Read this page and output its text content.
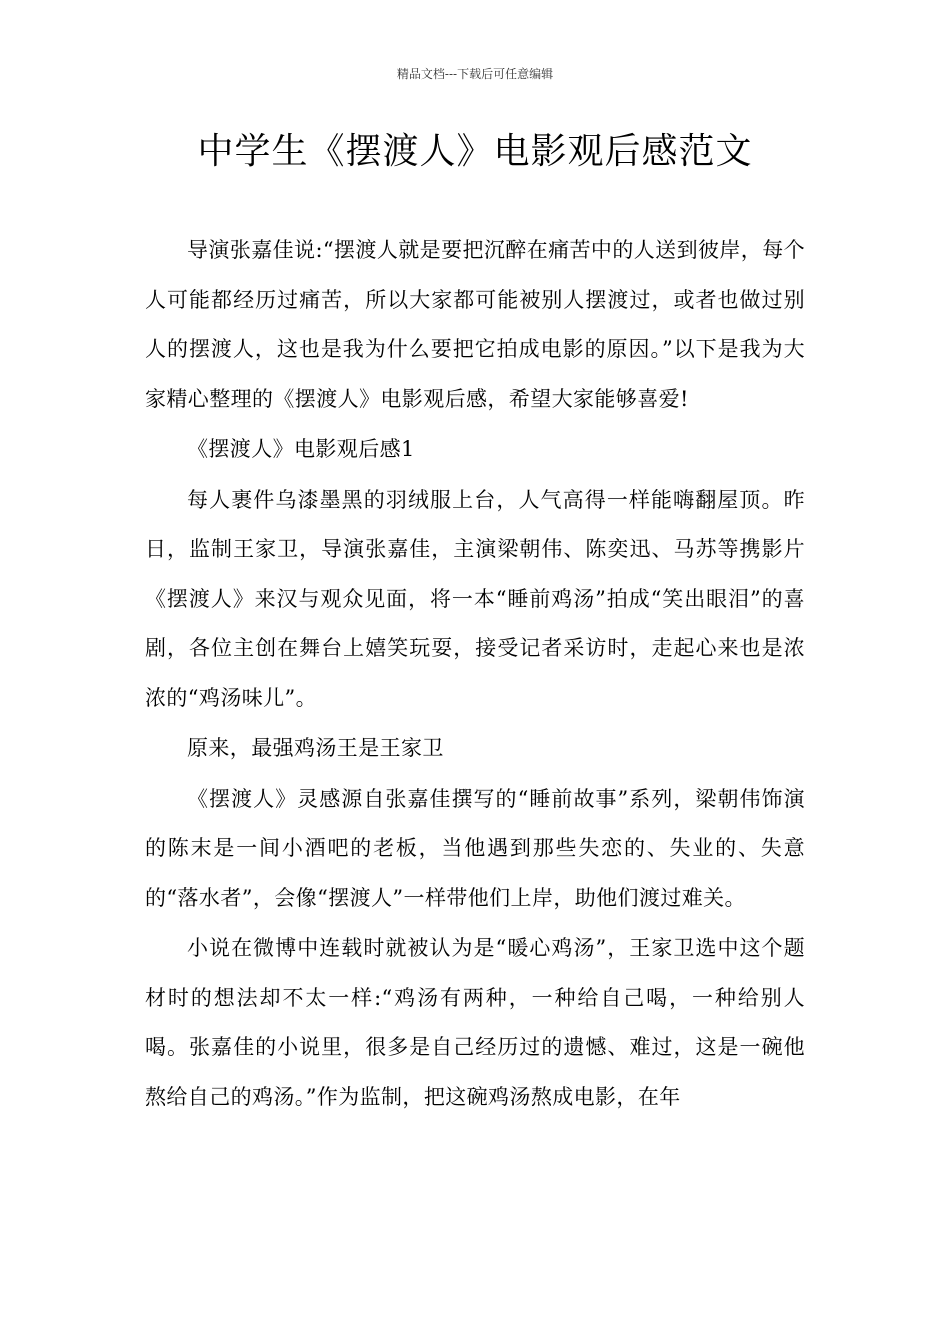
精品文档---下载后可任意编辑
中学生《摆渡人》电影观后感范文

导演张嘉佳说:“摆渡人就是要把沉醉在痛苦中的人送到彼岸，每个人可能都经历过痛苦，所以大家都可能被别人摆渡过，或者也做过别人的摆渡人，这也是我为什么要把它拍成电影的原因。”以下是我为大家精心整理的《摆渡人》电影观后感，希望大家能够喜爱!

《摆渡人》电影观后感1

每人裹件乌漆墨黑的羽绒服上台，人气高得一样能嗨翻屋顶。昨日，监制王家卫，导演张嘉佳，主演梁朝伟、陈奕迅、马苏等携影片《摆渡人》来汉与观众见面，将一本“睡前鸡汤”拍成“笑出眼泪”的喜剧，各位主创在舞台上嬉笑玩耍，接受记者采访时，走起心来也是浓浓的“鸡汤味儿”。

原来，最强鸡汤王是王家卫

《摆渡人》灵感源自张嘉佳撰写的“睡前故事”系列，梁朝伟饰演的陈末是一间小酒吧的老板，当他遇到那些失恋的、失业的、失意的“落水者”，会像“摆渡人”一样带他们上岸，助他们渡过难关。

小说在微博中连载时就被认为是“暖心鸡汤”，王家卫选中这个题材时的想法却不太一样:“鸡汤有两种，一种给自己喝，一种给别人喝。张嘉佳的小说里，很多是自己经历过的遗憾、难过，这是一碗他熬给自己的鸡汤。”作为监制，把这碗鸡汤熬成电影，在年
